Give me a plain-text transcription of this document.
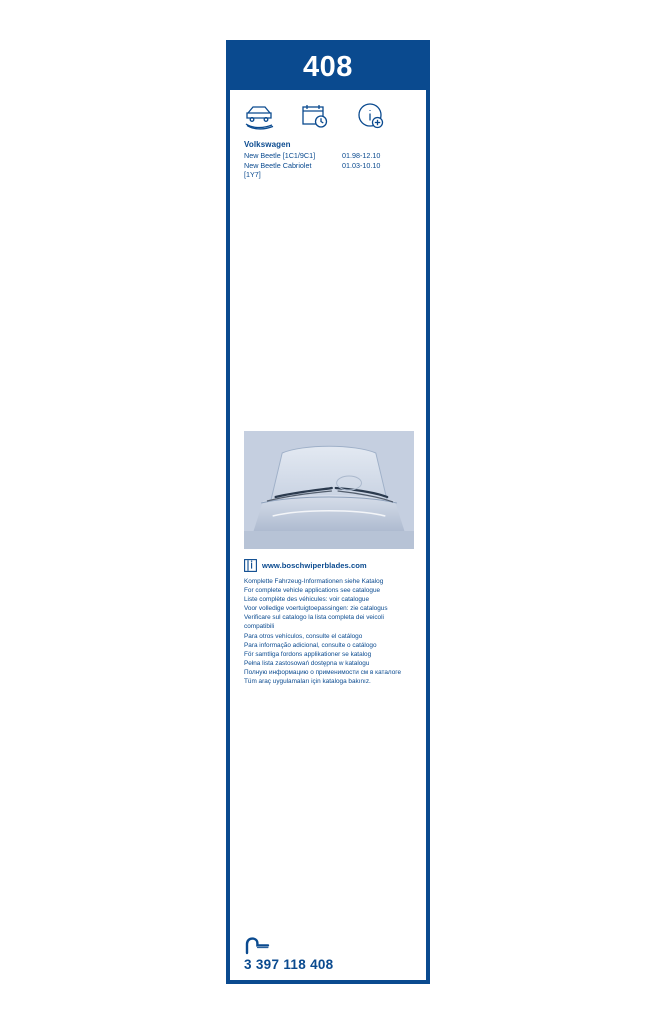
408
Volkswagen
New Beetle [1C1/9C1]	01.98-12.10
New Beetle Cabriolet	01.03-10.10
[1Y7]	
www.boschwiperblades.com
Komplette Fahrzeug-Informationen siehe Katalog
For complete vehicle applications see catalogue
Liste complète des véhicules: voir catalogue
Voor volledige voertuigtoepassingen: zie catalogus
Verificare sul catalogo la lista completa dei veicoli
compatibili
Para otros vehículos, consulte el catálogo
Para informação adicional, consulte o catálogo
För samtliga fordons applikationer se katalog
Pełna lista zastosowań dostępna w katalogu
Полную информацию о применимости см в каталоге
Tüm araç uygulamaları için kataloga bakınız.
3 397 118 408
